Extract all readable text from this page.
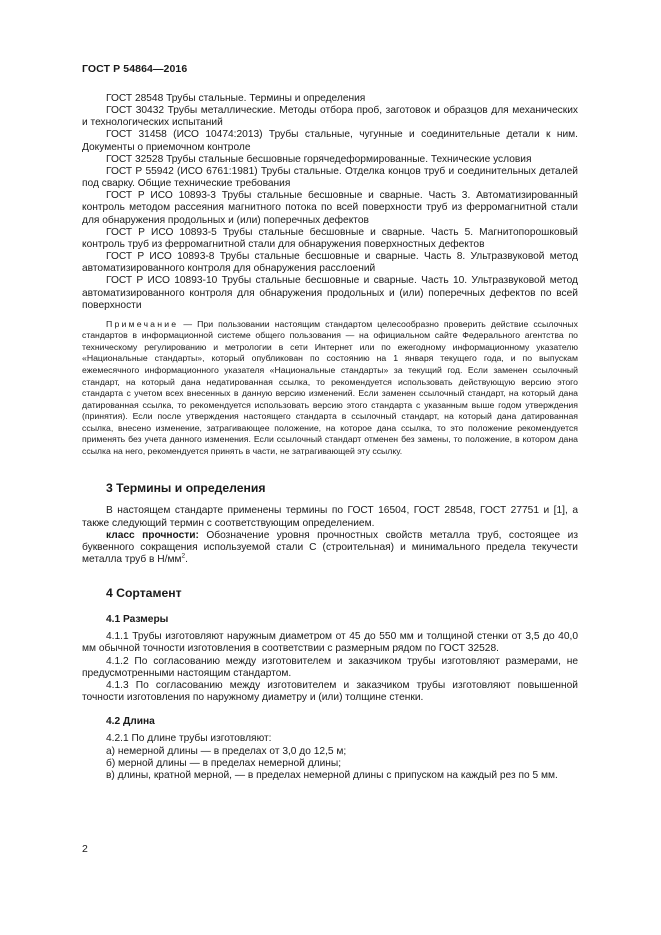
ГОСТ Р 54864—2016

ГОСТ 28548 Трубы стальные. Термины и определения

ГОСТ 30432 Трубы металлические. Методы отбора проб, заготовок и образцов для механических и технологических испытаний

ГОСТ 31458 (ИСО 10474:2013) Трубы стальные, чугунные и соединительные детали к ним. Документы о приемочном контроле

ГОСТ 32528 Трубы стальные бесшовные горячедеформированные. Технические условия

ГОСТ Р 55942 (ИСО 6761:1981) Трубы стальные. Отделка концов труб и соединительных деталей под сварку. Общие технические требования

ГОСТ Р ИСО 10893-3 Трубы стальные бесшовные и сварные. Часть 3. Автоматизированный контроль методом рассеяния магнитного потока по всей поверхности труб из ферромагнитной стали для обнаружения продольных и (или) поперечных дефектов

ГОСТ Р ИСО 10893-5 Трубы стальные бесшовные и сварные. Часть 5. Магнитопорошковый контроль труб из ферромагнитной стали для обнаружения поверхностных дефектов

ГОСТ Р ИСО 10893-8 Трубы стальные бесшовные и сварные. Часть 8. Ультразвуковой метод автоматизированного контроля для обнаружения расслоений

ГОСТ Р ИСО 10893-10 Трубы стальные бесшовные и сварные. Часть 10. Ультразвуковой метод автоматизированного контроля для обнаружения продольных и (или) поперечных дефектов по всей поверхности

Примечание — При пользовании настоящим стандартом целесообразно проверить действие ссылочных стандартов в информационной системе общего пользования — на официальном сайте Федерального агентства по техническому регулированию и метрологии в сети Интернет или по ежегодному информационному указателю «Национальные стандарты», который опубликован по состоянию на 1 января текущего года, и по выпускам ежемесячного информационного указателя «Национальные стандарты» за текущий год. Если заменен ссылочный стандарт, на который дана недатированная ссылка, то рекомендуется использовать действующую версию этого стандарта с учетом всех внесенных в данную версию изменений. Если заменен ссылочный стандарт, на который дана датированная ссылка, то рекомендуется использовать версию этого стандарта с указанным выше годом утверждения (принятия). Если после утверждения настоящего стандарта в ссылочный стандарт, на который дана датированная ссылка, внесено изменение, затрагивающее положение, на которое дана ссылка, то это положение рекомендуется применять без учета данного изменения. Если ссылочный стандарт отменен без замены, то положение, в котором дана ссылка на него, рекомендуется принять в части, не затрагивающей эту ссылку.

3 Термины и определения

В настоящем стандарте применены термины по ГОСТ 16504, ГОСТ 28548, ГОСТ 27751 и [1], а также следующий термин с соответствующим определением.

класс прочности: Обозначение уровня прочностных свойств металла труб, состоящее из буквенного сокращения используемой стали С (строительная) и минимального предела текучести металла труб в $Н/мм^2$.

4 Сортамент
4.1 Размеры

4.1.1 Трубы изготовляют наружным диаметром от 45 до 550 мм и толщиной стенки от 3,5 до 40,0 мм обычной точности изготовления в соответствии с размерным рядом по ГОСТ 32528.

4.1.2 По согласованию между изготовителем и заказчиком трубы изготовляют размерами, не предусмотренными настоящим стандартом.

4.1.3 По согласованию между изготовителем и заказчиком трубы изготовляют повышенной точности изготовления по наружному диаметру и (или) толщине стенки.

4.2 Длина

4.2.1 По длине трубы изготовляют:

а) немерной длины — в пределах от 3,0 до 12,5 м;

б) мерной длины — в пределах немерной длины;

в) длины, кратной мерной, — в пределах немерной длины с припуском на каждый рез по 5 мм.

2
